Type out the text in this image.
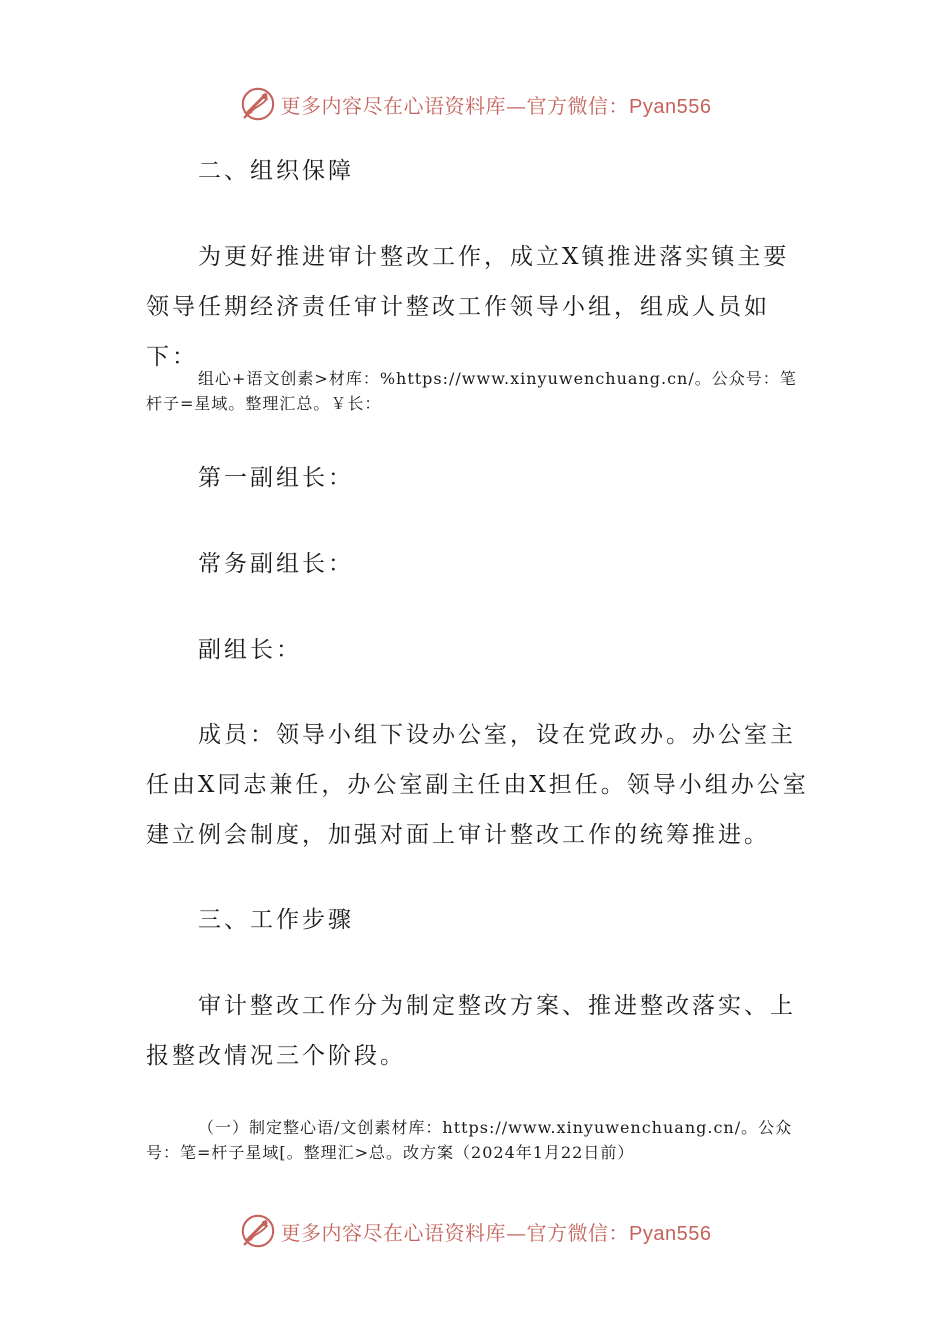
更多内容尽在心语资料库—官方微信：Pyan556

二、组织保障

为更好推进审计整改工作，成立X镇推进落实镇主要领导任期经济责任审计整改工作领导小组，组成人员如下：

组心+语文创素>材库：%https://www.xinyuwenchuang.cn/。公众号：笔杆子=星域。整理汇总。￥长：

第一副组长：

常务副组长：

副组长：

成员：领导小组下设办公室，设在党政办。办公室主任由X同志兼任，办公室副主任由X担任。领导小组办公室建立例会制度，加强对面上审计整改工作的统筹推进。

三、工作步骤

审计整改工作分为制定整改方案、推进整改落实、上报整改情况三个阶段。

（一）制定整心语/文创素材库：https://www.xinyuwenchuang.cn/。公众号：笔=杆子星域[。整理汇>总。改方案（2024年1月22日前）

更多内容尽在心语资料库—官方微信：Pyan556
